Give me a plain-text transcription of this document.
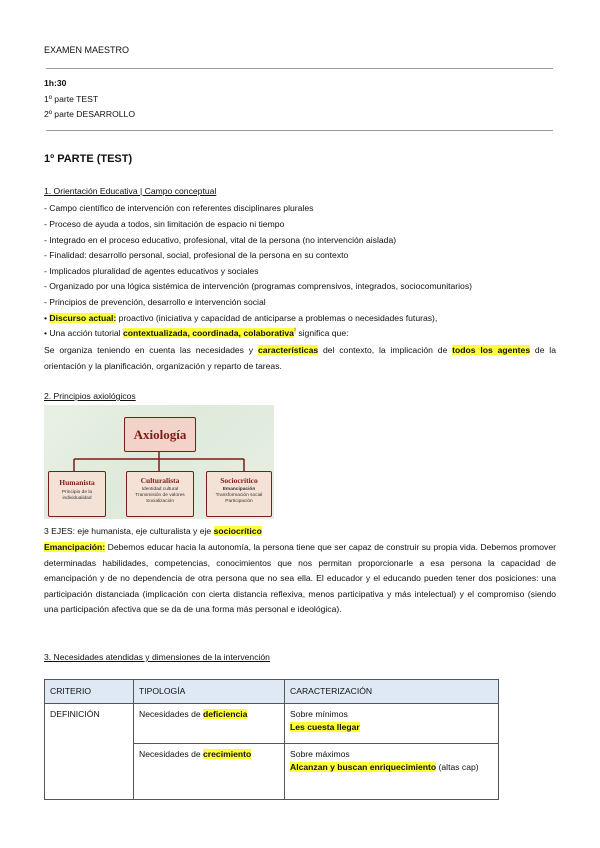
EXAMEN MAESTRO
1h:30
1º parte TEST
2º parte DESARROLLO
1º PARTE (TEST)
1. Orientación Educativa | Campo conceptual
- Campo científico de intervención con referentes disciplinares plurales
- Proceso de ayuda a todos, sin limitación de espacio ni tiempo
- Integrado en el proceso educativo, profesional, vital de la persona (no intervención aislada)
- Finalidad: desarrollo personal, social, profesional de la persona en su contexto
- Implicados pluralidad de agentes educativos y sociales
- Organizado por una lógica sistémica de intervención (programas comprensivos, integrados, sociocomunitarios)
- Principios de prevención, desarrollo e intervención social
• Discurso actual: proactivo (iniciativa y capacidad de anticiparse a problemas o necesidades futuras),
• Una acción tutorial contextualizada, coordinada, colaborativa$^{^1}$ significa que:
Se organiza teniendo en cuenta las necesidades y características del contexto, la implicación de todos los agentes de la orientación y la planificación, organización y reparto de tareas.
2. Principios axiológicos
Axiología
Humanista
Principio de la
individualidad
Culturalista
Identidad cultural
Transmisión de valores
Socialización
Sociocrítico
Emancipación
Transformación social
Participación
3 EJES: eje humanista, eje culturalista y eje sociocrítico
Emancipación: Debemos educar hacia la autonomía, la persona tiene que ser capaz de construir su propia vida. Debemos promover determinadas habilidades, competencias, conocimientos que nos permitan proporcionarle a esa persona la capacidad de emancipación y de no dependencia de otra persona que no sea ella. El educador y el educando pueden tener dos posiciones: una participación distanciada (implicación con cierta distancia reflexiva, menos participativa y más intelectual) y el compromiso (siendo una participación afectiva que se da de una forma más personal e ideológica).
3. Necesidades atendidas y dimensiones de la intervención
CRITERIO	TIPOLOGÍA	CARACTERIZACIÓN

DEFINICIÓN	Necesidades de deficiencia	Sobre mínimos
Les cuesta llegar

	Necesidades de crecimiento	Sobre máximos
Alcanzan y buscan enriquecimiento (altas cap)
